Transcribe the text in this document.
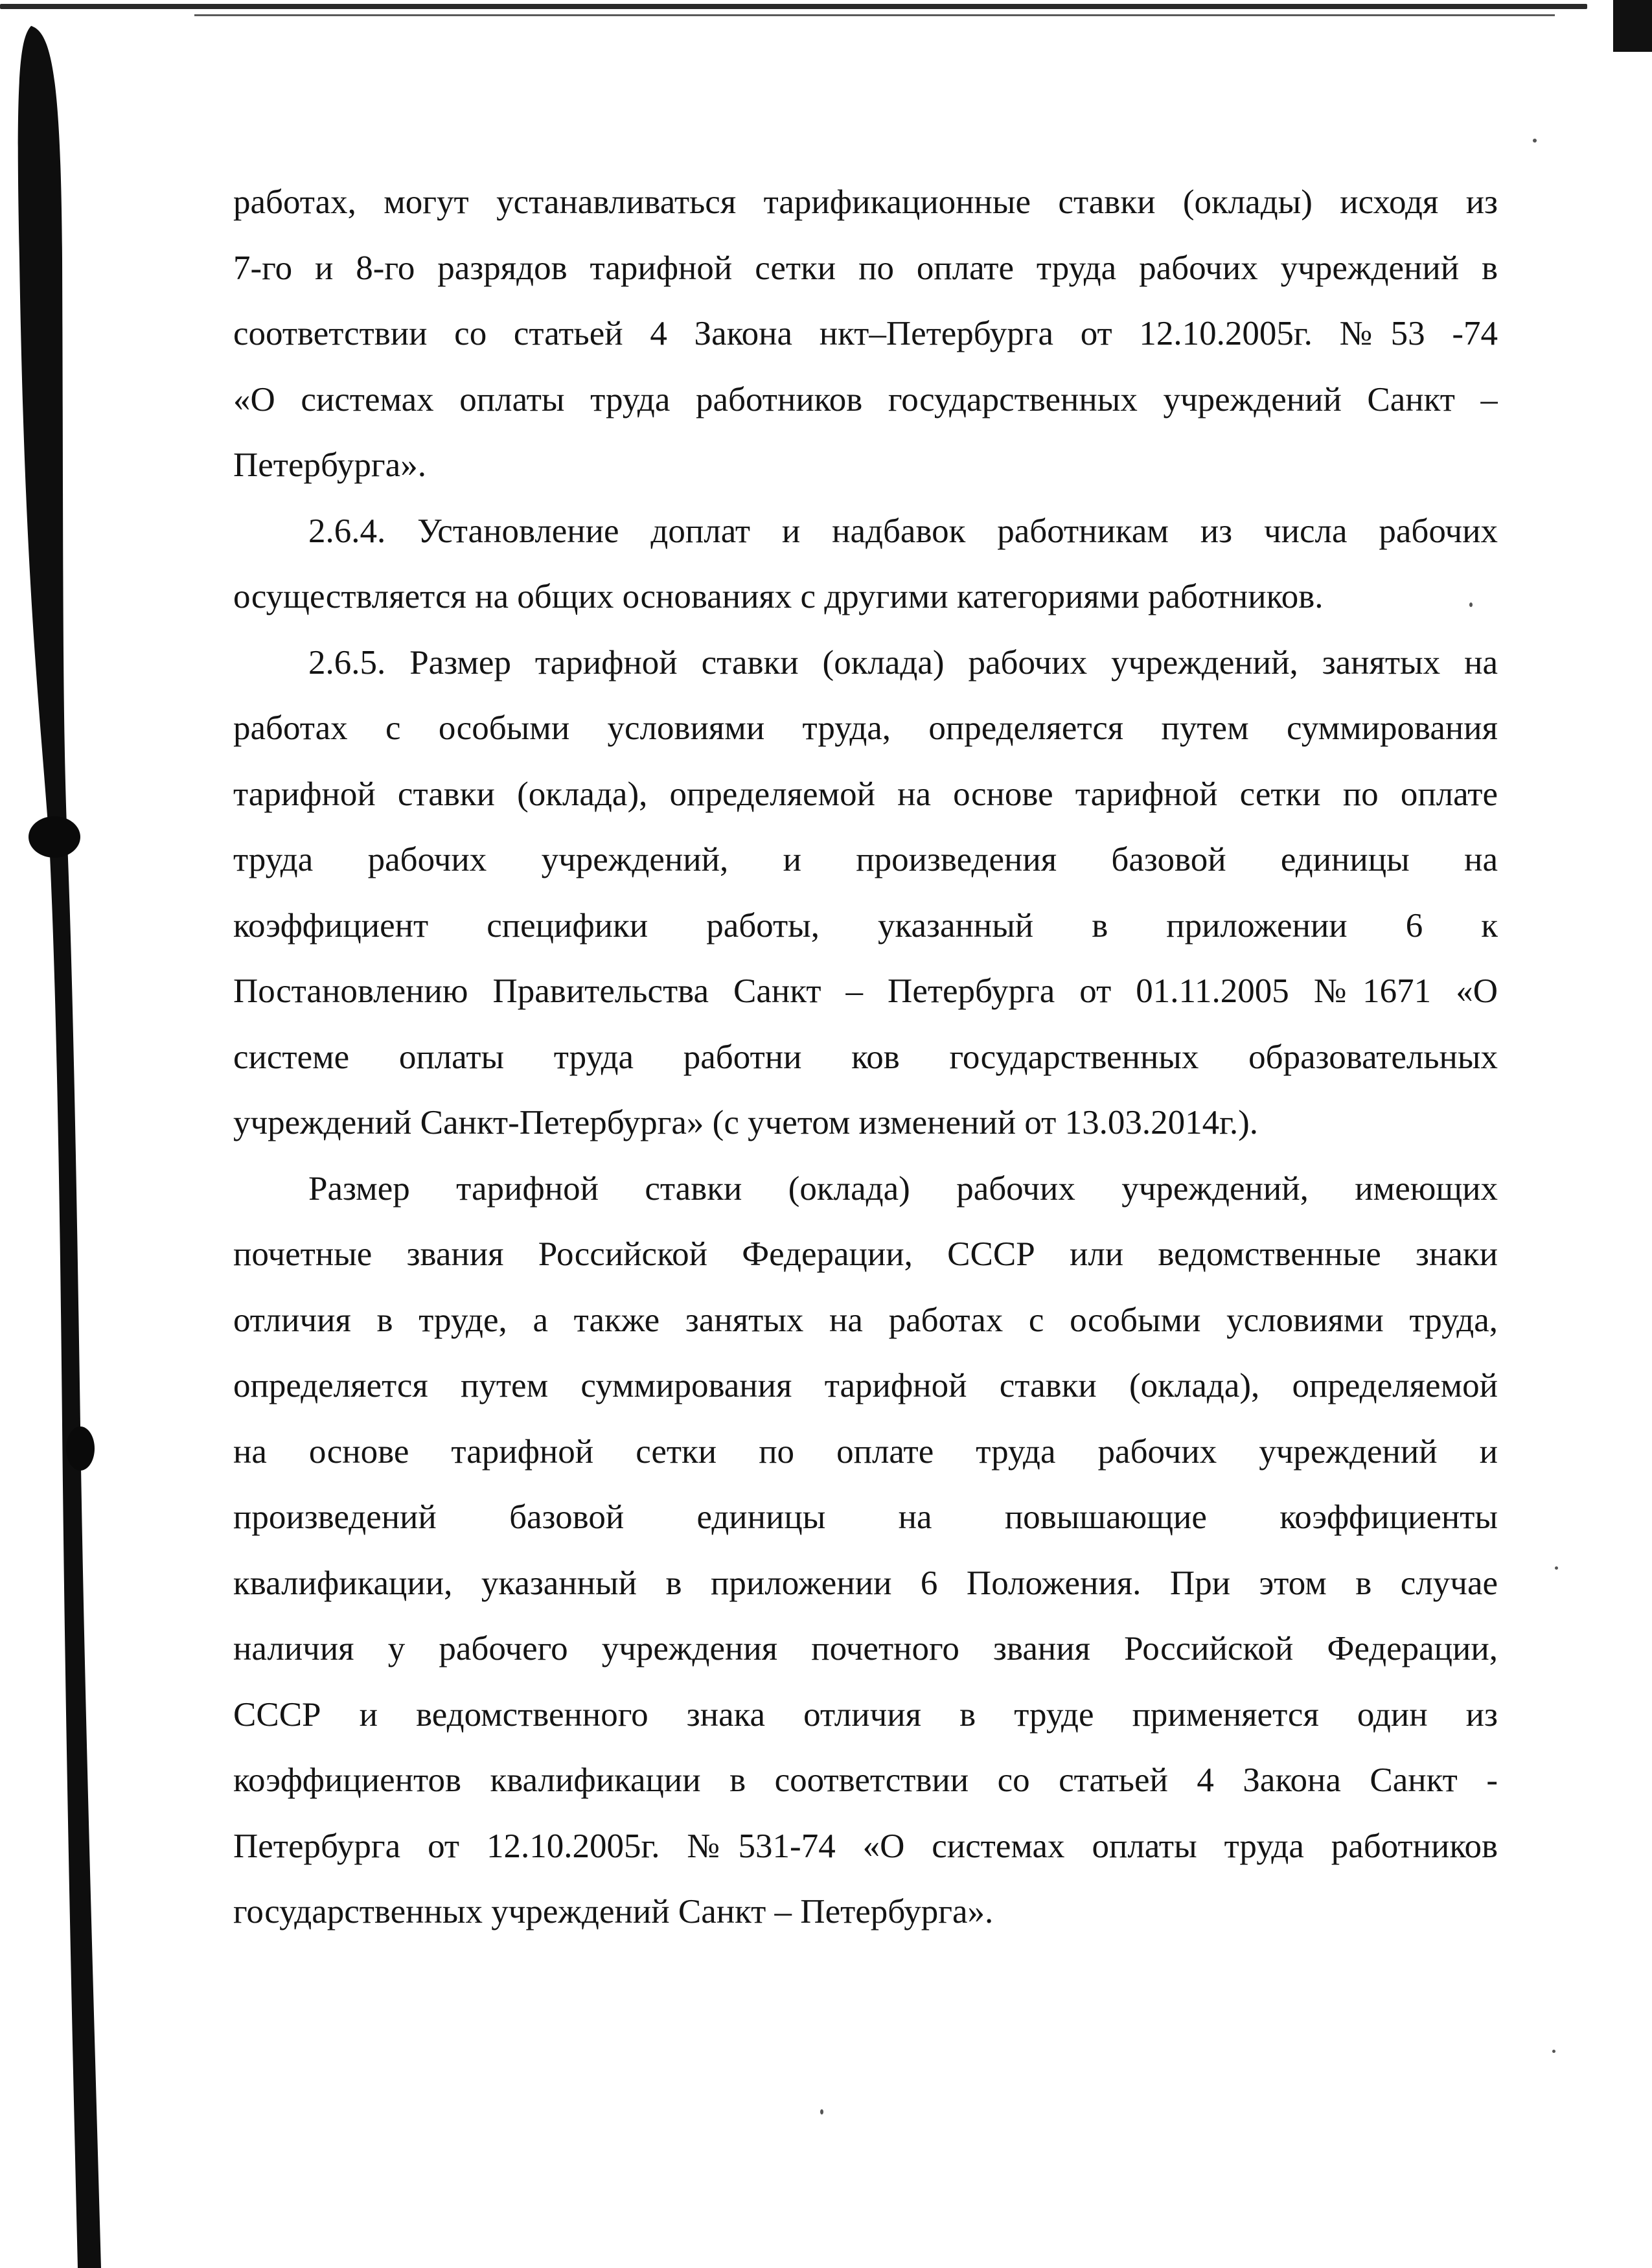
работах, могут устанавливаться тарификационные ставки (оклады) исходя из
7-го и 8-го разрядов тарифной сетки по оплате труда рабочих учреждений в
соответствии со статьей 4 Закона нкт–Петербурга от 12.10.2005г. №53 -74
«О системах оплаты труда работников государственных учреждений Санкт –
Петербурга».
2.6.4. Установление доплат и надбавок работникам из числа рабочих
осуществляется на общих основаниях с другими категориями работников.
2.6.5. Размер тарифной ставки (оклада) рабочих учреждений, занятых на
работах с особыми условиями труда, определяется путем суммирования
тарифной ставки (оклада), определяемой на основе тарифной сетки по оплате
труда рабочих учреждений, и произведения базовой единицы на
коэффициент специфики работы, указанный в приложении 6 к
Постановлению Правительства Санкт – Петербурга от 01.11.2005 №1671 «О
системе оплаты труда работни ков государственных образовательных
учреждений Санкт-Петербурга» (с учетом изменений от 13.03.2014г.).
Размер тарифной ставки (оклада) рабочих учреждений, имеющих
почетные звания Российской Федерации, СССР или ведомственные знаки
отличия в труде, а также занятых на работах с особыми условиями труда,
определяется путем суммирования тарифной ставки (оклада), определяемой
на основе тарифной сетки по оплате труда рабочих учреждений и
произведений базовой единицы на повышающие коэффициенты
квалификации, указанный в приложении 6 Положения. При этом в случае
наличия у рабочего учреждения почетного звания Российской Федерации,
СССР и ведомственного знака отличия в труде применяется один из
коэффициентов квалификации в соответствии со статьей 4 Закона Санкт -
Петербурга от 12.10.2005г. №531-74 «О системах оплаты труда работников
государственных учреждений Санкт – Петербурга».
